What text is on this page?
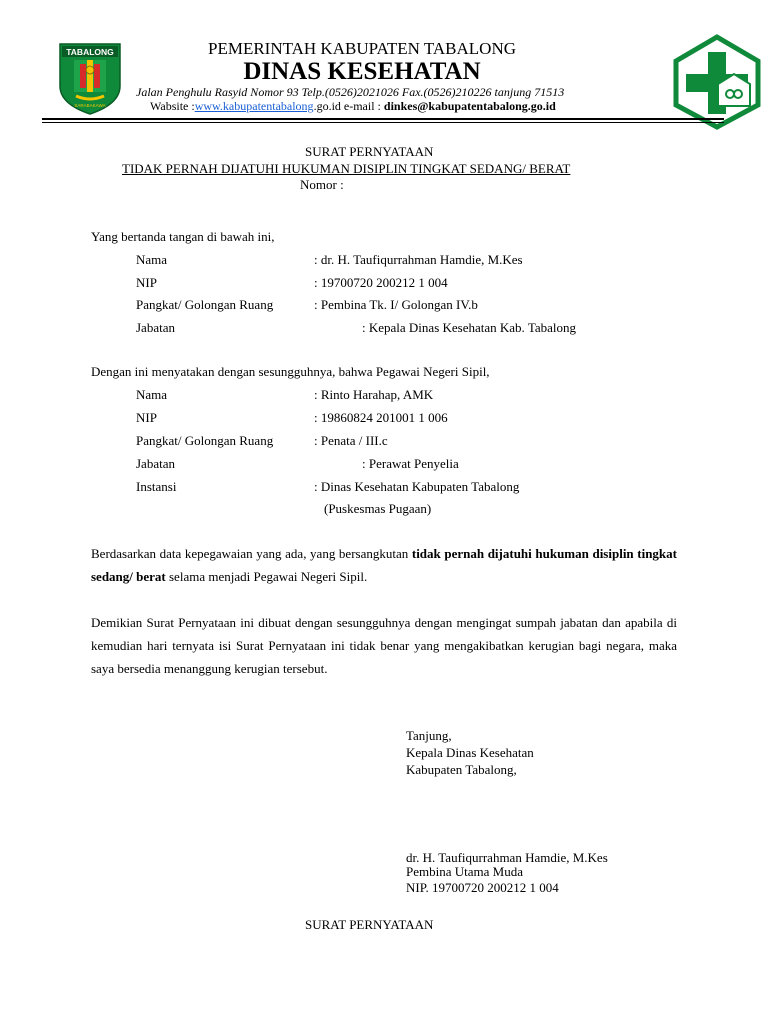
TABALONG
SARABAKAWA
PEMERINTAH KABUPATEN TABALONG
DINAS KESEHATAN
Jalan Penghulu Rasyid Nomor 93 Telp.(0526)2021026 Fax.(0526)210226 tanjung 71513
Wabsite :www.kabupatentabalong.go.id e-mail : dinkes@kabupatentabalong.go.id
SURAT PERNYATAAN
TIDAK PERNAH DIJATUHI HUKUMAN DISIPLIN TINGKAT SEDANG/ BERAT
Nomor :
Yang bertanda tangan di bawah ini,
Nama	: dr. H. Taufiqurrahman Hamdie, M.Kes
NIP	: 19700720 200212 1 004
Pangkat/ Golongan Ruang	: Pembina Tk. I/ Golongan IV.b
Jabatan	: Kepala Dinas Kesehatan Kab. Tabalong
Dengan ini menyatakan dengan sesungguhnya, bahwa Pegawai Negeri Sipil,
Nama	: Rinto Harahap, AMK
NIP	: 19860824 201001 1 006
Pangkat/ Golongan Ruang	: Penata / III.c
Jabatan	: Perawat Penyelia
Instansi	: Dinas Kesehatan Kabupaten Tabalong
(Puskesmas Pugaan)
Berdasarkan data kepegawaian yang ada, yang bersangkutan tidak pernah dijatuhi hukuman disiplin tingkat sedang/ berat selama menjadi Pegawai Negeri Sipil.
Demikian Surat Pernyataan ini dibuat dengan sesungguhnya dengan mengingat sumpah jabatan dan apabila di kemudian hari ternyata isi Surat Pernyataan ini tidak benar yang mengakibatkan kerugian bagi negara, maka saya bersedia menanggung kerugian tersebut.
Tanjung,
Kepala Dinas Kesehatan
Kabupaten Tabalong,
dr. H. Taufiqurrahman Hamdie, M.Kes
Pembina Utama Muda
NIP. 19700720 200212 1 004
SURAT PERNYATAAN
